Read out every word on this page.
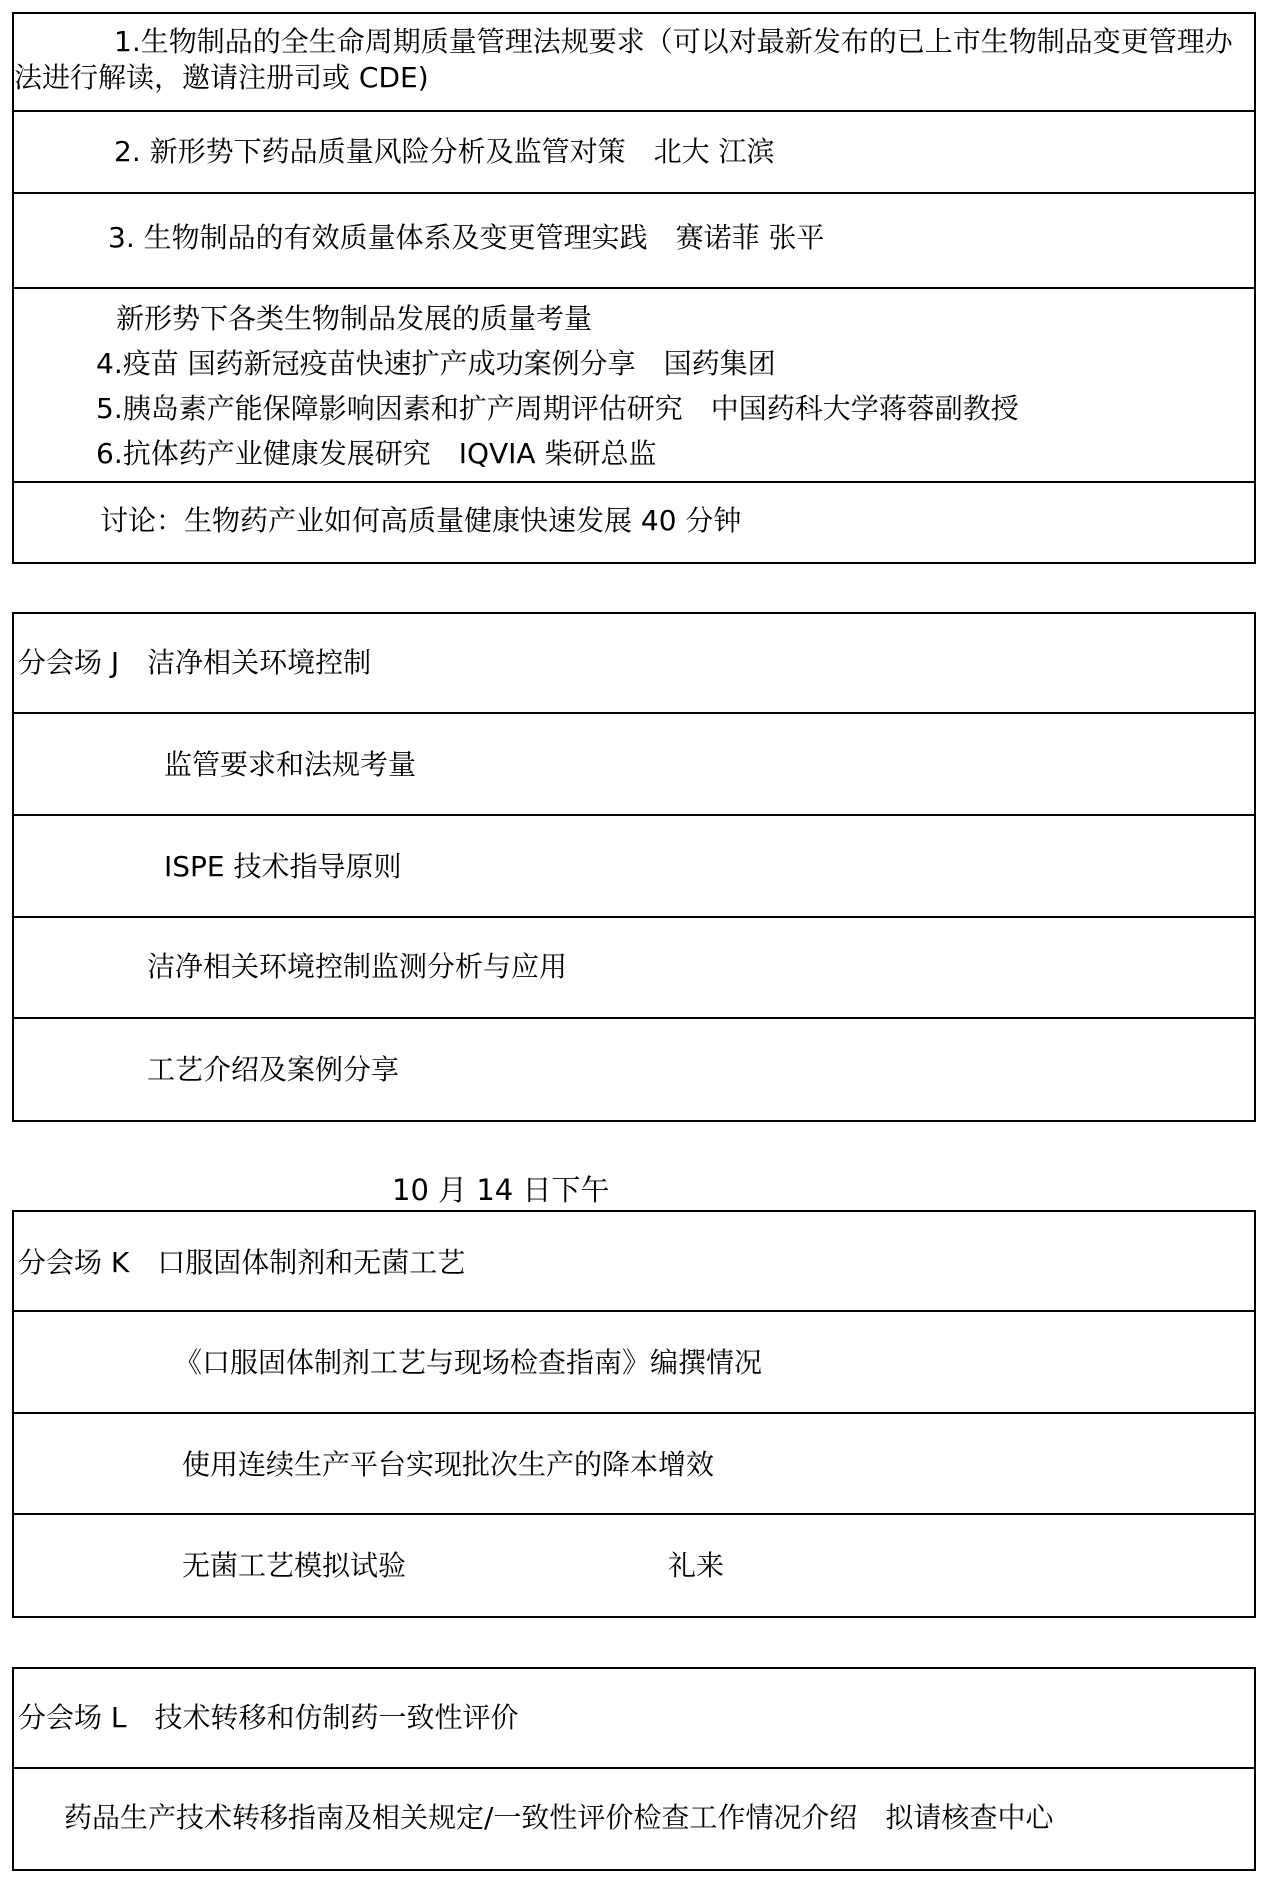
1.生物制品的全生命周期质量管理法规要求（可以对最新发布的已上市生物制品变更管理办法进行解读，邀请注册司或 CDE)
2. 新形势下药品质量风险分析及监管对策　北大 江滨
3. 生物制品的有效质量体系及变更管理实践　赛诺菲 张平
新形势下各类生物制品发展的质量考量
4.疫苗 国药新冠疫苗快速扩产成功案例分享　国药集团
5.胰岛素产能保障影响因素和扩产周期评估研究　中国药科大学蒋蓉副教授
6.抗体药产业健康发展研究　IQVIA 柴研总监
讨论：生物药产业如何高质量健康快速发展 40 分钟
分会场 J　洁净相关环境控制
监管要求和法规考量
ISPE 技术指导原则
洁净相关环境控制监测分析与应用
工艺介绍及案例分享
10 月 14 日下午
分会场 K　口服固体制剂和无菌工艺
《口服固体制剂工艺与现场检查指南》编撰情况
使用连续生产平台实现批次生产的降本增效
无菌工艺模拟试验	礼来
分会场 L　技术转移和仿制药一致性评价
药品生产技术转移指南及相关规定/一致性评价检查工作情况介绍　拟请核查中心
